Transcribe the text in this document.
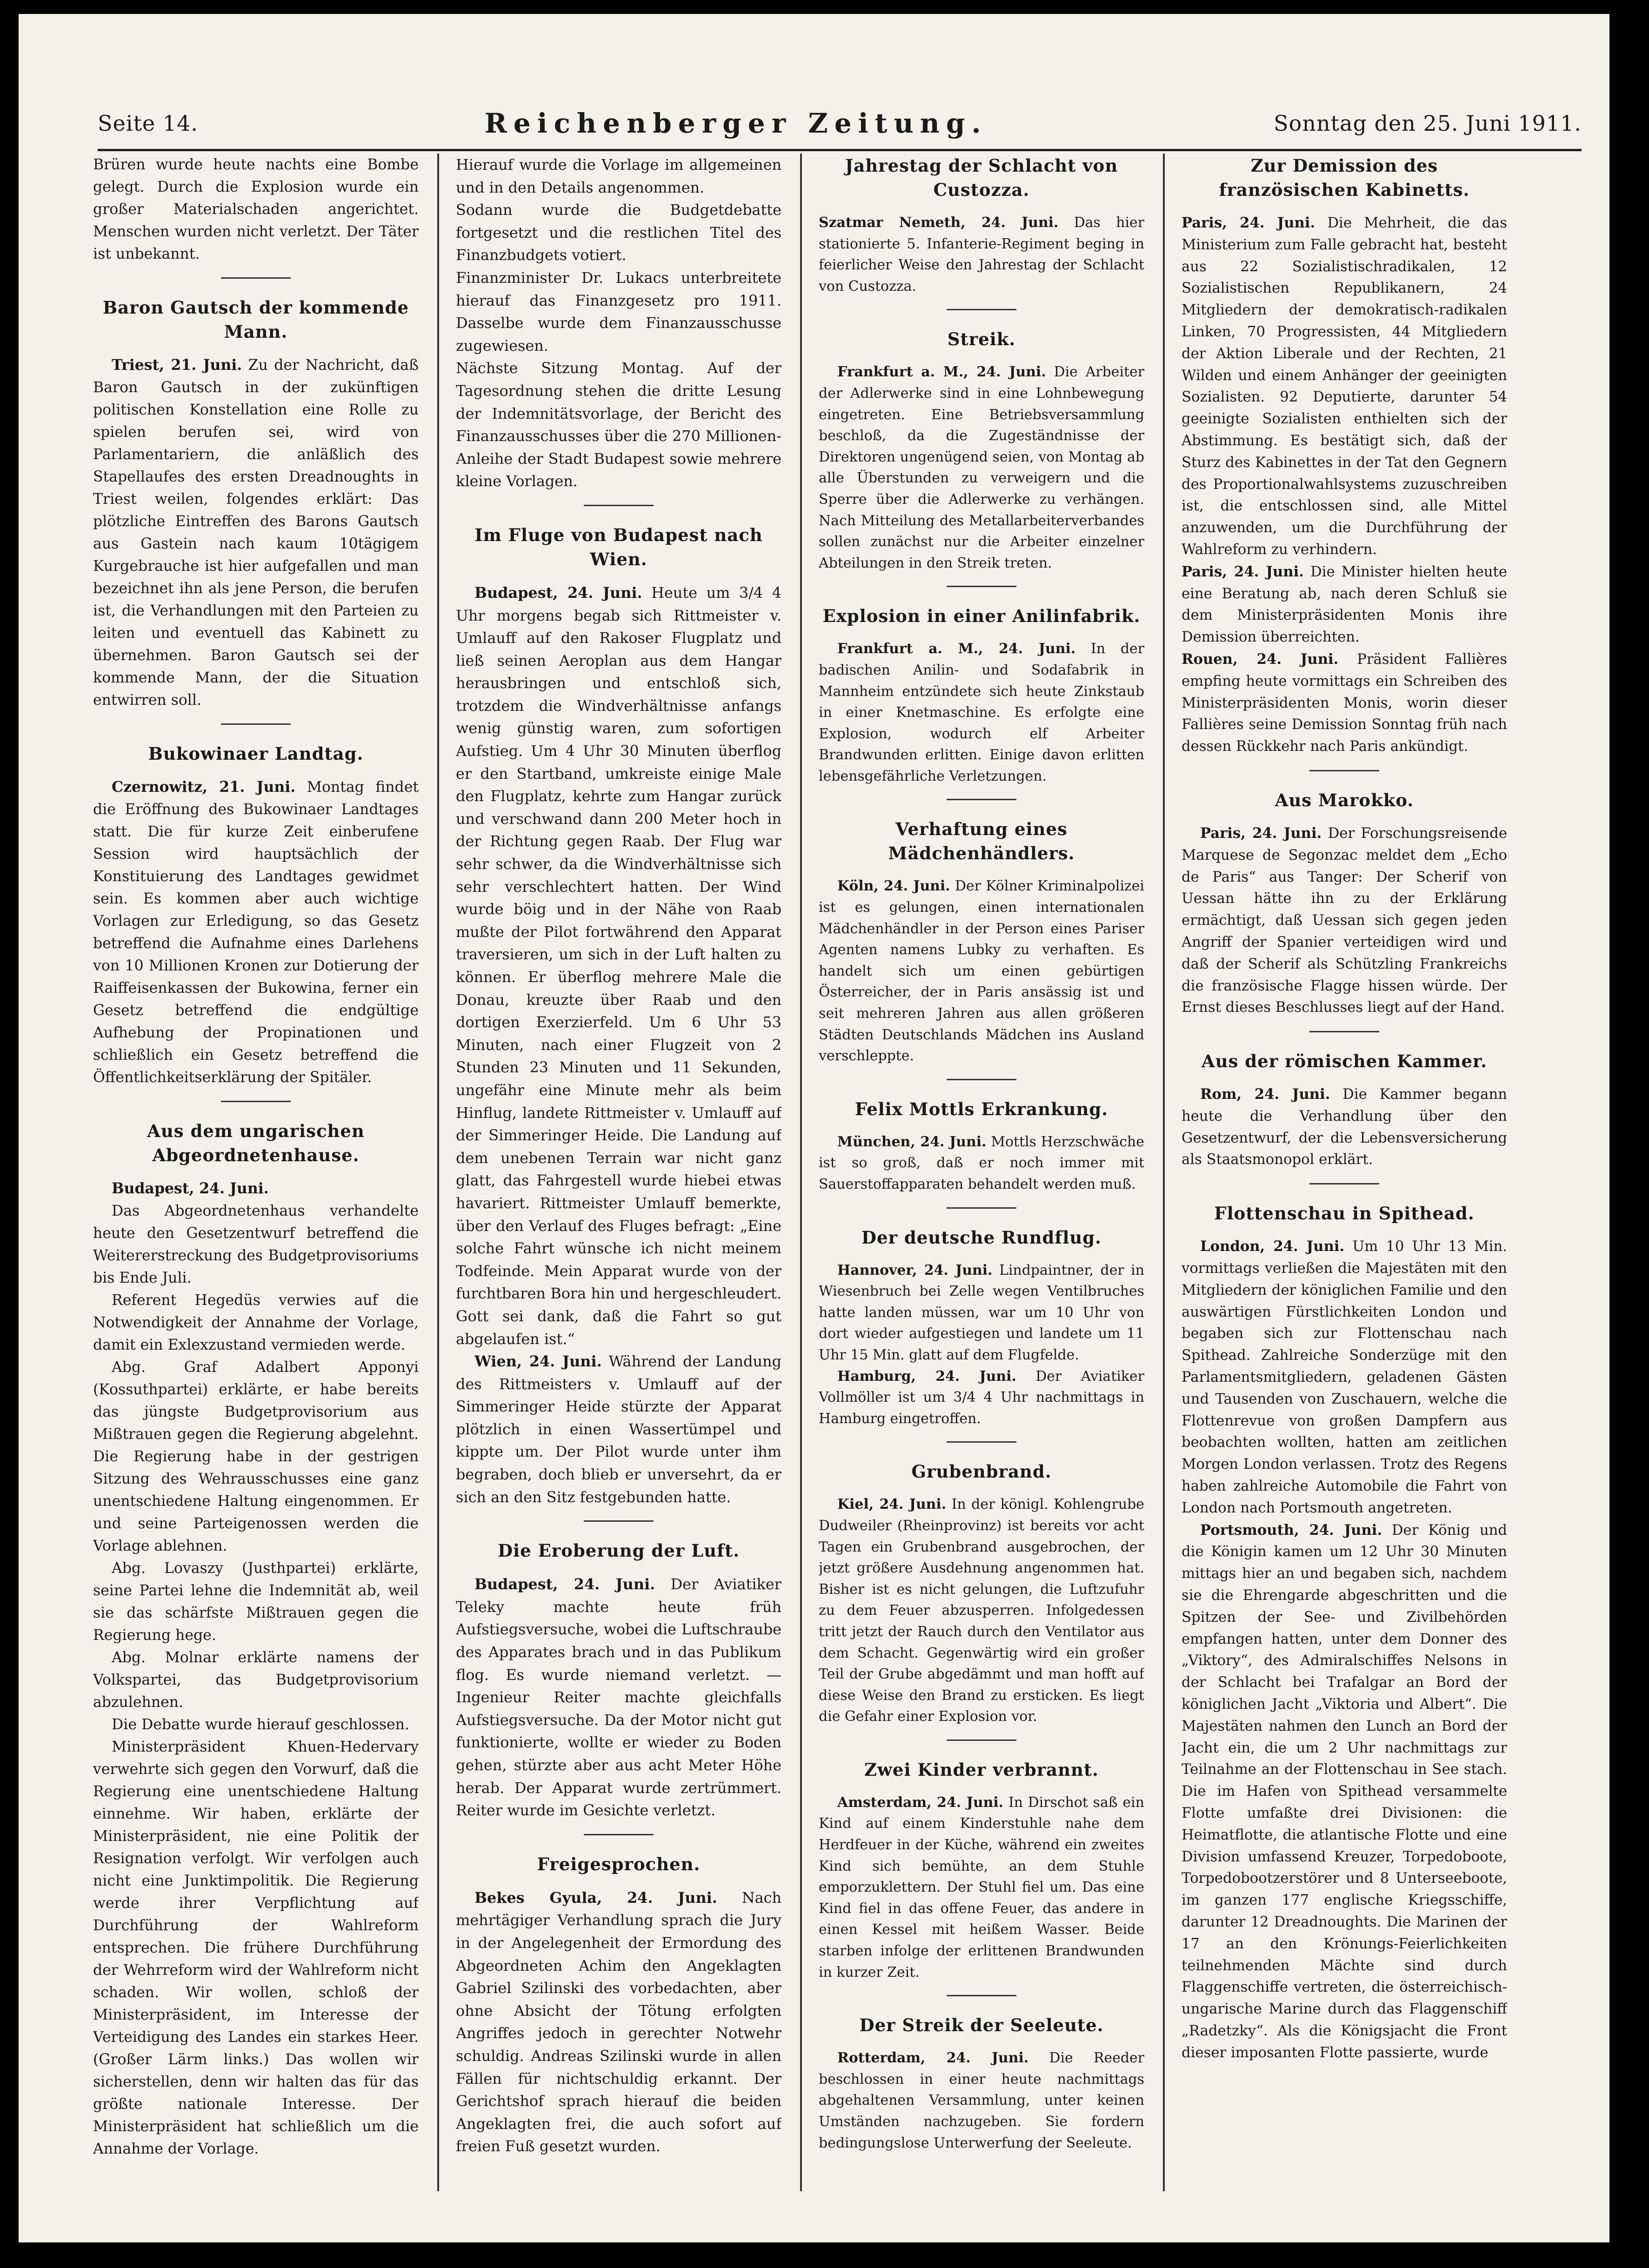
Seite 14.	Reichenberger Zeitung.	Sonntag den 25. Juni 1911.

Brüren wurde heute nachts eine Bombe gelegt. Durch die Explosion wurde ein großer Materialschaden angerichtet. Menschen wurden nicht verletzt. Der Täter ist unbekannt.

Baron Gautsch der kommende Mann.

Triest, 21. Juni. Zu der Nachricht, daß Baron Gautsch in der zukünftigen politischen Konstellation eine Rolle zu spielen berufen sei, wird von Parlamentariern, die anläßlich des Stapellaufes des ersten Dreadnoughts in Triest weilen, folgendes erklärt: Das plötzliche Eintreffen des Barons Gautsch aus Gastein nach kaum 10tägigem Kurgebrauche ist hier aufgefallen und man bezeichnet ihn als jene Person, die berufen ist, die Verhandlungen mit den Parteien zu leiten und eventuell das Kabinett zu übernehmen. Baron Gautsch sei der kommende Mann, der die Situation entwirren soll.

Bukowinaer Landtag.

Czernowitz, 21. Juni. Montag findet die Eröffnung des Bukowinaer Landtages statt. Die für kurze Zeit einberufene Session wird hauptsächlich der Konstituierung des Landtages gewidmet sein. Es kommen aber auch wichtige Vorlagen zur Erledigung, so das Gesetz betreffend die Aufnahme eines Darlehens von 10 Millionen Kronen zur Dotierung der Raiffeisenkassen der Bukowina, ferner ein Gesetz betreffend die endgültige Aufhebung der Propinationen und schließlich ein Gesetz betreffend die Öffentlichkeitserklärung der Spitäler.

Aus dem ungarischen Abgeordnetenhause.

Budapest, 24. Juni.

Das Abgeordnetenhaus verhandelte heute den Gesetzentwurf betreffend die Weitererstreckung des Budgetprovisoriums bis Ende Juli.

Referent Hegedüs verwies auf die Notwendigkeit der Annahme der Vorlage, damit ein Exlexzustand vermieden werde.

Abg. Graf Adalbert Apponyi (Kossuthpartei) erklärte, er habe bereits das jüngste Budgetprovisorium aus Mißtrauen gegen die Regierung abgelehnt. Die Regierung habe in der gestrigen Sitzung des Wehrausschusses eine ganz unentschiedene Haltung eingenommen. Er und seine Parteigenossen werden die Vorlage ablehnen.

Abg. Lovaszy (Justhpartei) erklärte, seine Partei lehne die Indemnität ab, weil sie das schärfste Mißtrauen gegen die Regierung hege.

Abg. Molnar erklärte namens der Volkspartei, das Budgetprovisorium abzulehnen.

Die Debatte wurde hierauf geschlossen.

Ministerpräsident Khuen-Hedervary verwehrte sich gegen den Vorwurf, daß die Regierung eine unentschiedene Haltung einnehme. Wir haben, erklärte der Ministerpräsident, nie eine Politik der Resignation verfolgt. Wir verfolgen auch nicht eine Junktimpolitik. Die Regierung werde ihrer Verpflichtung auf Durchführung der Wahlreform entsprechen. Die frühere Durchführung der Wehrreform wird der Wahlreform nicht schaden. Wir wollen, schloß der Ministerpräsident, im Interesse der Verteidigung des Landes ein starkes Heer. (Großer Lärm links.) Das wollen wir sicherstellen, denn wir halten das für das größte nationale Interesse. Der Ministerpräsident hat schließlich um die Annahme der Vorlage.

Hierauf wurde die Vorlage im allgemeinen und in den Details angenommen.

Sodann wurde die Budgetdebatte fortgesetzt und die restlichen Titel des Finanzbudgets votiert.

Finanzminister Dr. Lukacs unterbreitete hierauf das Finanzgesetz pro 1911. Dasselbe wurde dem Finanzausschusse zugewiesen.

Nächste Sitzung Montag. Auf der Tagesordnung stehen die dritte Lesung der Indemnitätsvorlage, der Bericht des Finanzausschusses über die 270 Millionen-Anleihe der Stadt Budapest sowie mehrere kleine Vorlagen.

Im Fluge von Budapest nach Wien.

Budapest, 24. Juni. Heute um 3/4 4 Uhr morgens begab sich Rittmeister v. Umlauff auf den Rakoser Flugplatz und ließ seinen Aeroplan aus dem Hangar herausbringen und entschloß sich, trotzdem die Windverhältnisse anfangs wenig günstig waren, zum sofortigen Aufstieg. Um 4 Uhr 30 Minuten überflog er den Startband, umkreiste einige Male den Flugplatz, kehrte zum Hangar zurück und verschwand dann 200 Meter hoch in der Richtung gegen Raab. Der Flug war sehr schwer, da die Windverhältnisse sich sehr verschlechtert hatten. Der Wind wurde böig und in der Nähe von Raab mußte der Pilot fortwährend den Apparat traversieren, um sich in der Luft halten zu können. Er überflog mehrere Male die Donau, kreuzte über Raab und den dortigen Exerzierfeld. Um 6 Uhr 53 Minuten, nach einer Flugzeit von 2 Stunden 23 Minuten und 11 Sekunden, ungefähr eine Minute mehr als beim Hinflug, landete Rittmeister v. Umlauff auf der Simmeringer Heide. Die Landung auf dem unebenen Terrain war nicht ganz glatt, das Fahrgestell wurde hiebei etwas havariert. Rittmeister Umlauff bemerkte, über den Verlauf des Fluges befragt: „Eine solche Fahrt wünsche ich nicht meinem Todfeinde. Mein Apparat wurde von der furchtbaren Bora hin und hergeschleudert. Gott sei dank, daß die Fahrt so gut abgelaufen ist.“

Wien, 24. Juni. Während der Landung des Rittmeisters v. Umlauff auf der Simmeringer Heide stürzte der Apparat plötzlich in einen Wassertümpel und kippte um. Der Pilot wurde unter ihm begraben, doch blieb er unversehrt, da er sich an den Sitz festgebunden hatte.

Die Eroberung der Luft.

Budapest, 24. Juni. Der Aviatiker Teleky machte heute früh Aufstiegsversuche, wobei die Luftschraube des Apparates brach und in das Publikum flog. Es wurde niemand verletzt. — Ingenieur Reiter machte gleichfalls Aufstiegsversuche. Da der Motor nicht gut funktionierte, wollte er wieder zu Boden gehen, stürzte aber aus acht Meter Höhe herab. Der Apparat wurde zertrümmert. Reiter wurde im Gesichte verletzt.

Freigesprochen.

Bekes Gyula, 24. Juni. Nach mehrtägiger Verhandlung sprach die Jury in der Angelegenheit der Ermordung des Abgeordneten Achim den Angeklagten Gabriel Szilinski des vorbedachten, aber ohne Absicht der Tötung erfolgten Angriffes jedoch in gerechter Notwehr schuldig. Andreas Szilinski wurde in allen Fällen für nichtschuldig erkannt. Der Gerichtshof sprach hierauf die beiden Angeklagten frei, die auch sofort auf freien Fuß gesetzt wurden.

Jahrestag der Schlacht von Custozza.

Szatmar Nemeth, 24. Juni. Das hier stationierte 5. Infanterie-Regiment beging in feierlicher Weise den Jahrestag der Schlacht von Custozza.

Streik.

Frankfurt a. M., 24. Juni. Die Arbeiter der Adlerwerke sind in eine Lohnbewegung eingetreten. Eine Betriebsversammlung beschloß, da die Zugeständnisse der Direktoren ungenügend seien, von Montag ab alle Überstunden zu verweigern und die Sperre über die Adlerwerke zu verhängen. Nach Mitteilung des Metallarbeiterverbandes sollen zunächst nur die Arbeiter einzelner Abteilungen in den Streik treten.

Explosion in einer Anilinfabrik.

Frankfurt a. M., 24. Juni. In der badischen Anilin- und Sodafabrik in Mannheim entzündete sich heute Zinkstaub in einer Knetmaschine. Es erfolgte eine Explosion, wodurch elf Arbeiter Brandwunden erlitten. Einige davon erlitten lebensgefährliche Verletzungen.

Verhaftung eines Mädchenhändlers.

Köln, 24. Juni. Der Kölner Kriminalpolizei ist es gelungen, einen internationalen Mädchenhändler in der Person eines Pariser Agenten namens Lubky zu verhaften. Es handelt sich um einen gebürtigen Österreicher, der in Paris ansässig ist und seit mehreren Jahren aus allen größeren Städten Deutschlands Mädchen ins Ausland verschleppte.

Felix Mottls Erkrankung.

München, 24. Juni. Mottls Herzschwäche ist so groß, daß er noch immer mit Sauerstoffapparaten behandelt werden muß.

Der deutsche Rundflug.

Hannover, 24. Juni. Lindpaintner, der in Wiesenbruch bei Zelle wegen Ventilbruches hatte landen müssen, war um 10 Uhr von dort wieder aufgestiegen und landete um 11 Uhr 15 Min. glatt auf dem Flugfelde.

Hamburg, 24. Juni. Der Aviatiker Vollmöller ist um 3/4 4 Uhr nachmittags in Hamburg eingetroffen.

Grubenbrand.

Kiel, 24. Juni. In der königl. Kohlengrube Dudweiler (Rheinprovinz) ist bereits vor acht Tagen ein Grubenbrand ausgebrochen, der jetzt größere Ausdehnung angenommen hat. Bisher ist es nicht gelungen, die Luftzufuhr zu dem Feuer abzusperren. Infolgedessen tritt jetzt der Rauch durch den Ventilator aus dem Schacht. Gegenwärtig wird ein großer Teil der Grube abgedämmt und man hofft auf diese Weise den Brand zu ersticken. Es liegt die Gefahr einer Explosion vor.

Zwei Kinder verbrannt.

Amsterdam, 24. Juni. In Dirschot saß ein Kind auf einem Kinderstuhle nahe dem Herdfeuer in der Küche, während ein zweites Kind sich bemühte, an dem Stuhle emporzuklettern. Der Stuhl fiel um. Das eine Kind fiel in das offene Feuer, das andere in einen Kessel mit heißem Wasser. Beide starben infolge der erlittenen Brandwunden in kurzer Zeit.

Der Streik der Seeleute.

Rotterdam, 24. Juni. Die Reeder beschlossen in einer heute nachmittags abgehaltenen Versammlung, unter keinen Umständen nachzugeben. Sie fordern bedingungslose Unterwerfung der Seeleute.

Zur Demission des französischen Kabinetts.

Paris, 24. Juni. Die Mehrheit, die das Ministerium zum Falle gebracht hat, besteht aus 22 Sozialistischradikalen, 12 Sozialistischen Republikanern, 24 Mitgliedern der demokratisch-radikalen Linken, 70 Progressisten, 44 Mitgliedern der Aktion Liberale und der Rechten, 21 Wilden und einem Anhänger der geeinigten Sozialisten. 92 Deputierte, darunter 54 geeinigte Sozialisten enthielten sich der Abstimmung. Es bestätigt sich, daß der Sturz des Kabinettes in der Tat den Gegnern des Proportionalwahlsystems zuzuschreiben ist, die entschlossen sind, alle Mittel anzuwenden, um die Durchführung der Wahlreform zu verhindern.

Paris, 24. Juni. Die Minister hielten heute eine Beratung ab, nach deren Schluß sie dem Ministerpräsidenten Monis ihre Demission überreichten.

Rouen, 24. Juni. Präsident Fallières empfing heute vormittags ein Schreiben des Ministerpräsidenten Monis, worin dieser Fallières seine Demission Sonntag früh nach dessen Rückkehr nach Paris ankündigt.

Aus Marokko.

Paris, 24. Juni. Der Forschungsreisende Marquese de Segonzac meldet dem „Echo de Paris“ aus Tanger: Der Scherif von Uessan hätte ihn zu der Erklärung ermächtigt, daß Uessan sich gegen jeden Angriff der Spanier verteidigen wird und daß der Scherif als Schützling Frankreichs die französische Flagge hissen würde. Der Ernst dieses Beschlusses liegt auf der Hand.

Aus der römischen Kammer.

Rom, 24. Juni. Die Kammer begann heute die Verhandlung über den Gesetzentwurf, der die Lebensversicherung als Staatsmonopol erklärt.

Flottenschau in Spithead.

London, 24. Juni. Um 10 Uhr 13 Min. vormittags verließen die Majestäten mit den Mitgliedern der königlichen Familie und den auswärtigen Fürstlichkeiten London und begaben sich zur Flottenschau nach Spithead. Zahlreiche Sonderzüge mit den Parlamentsmitgliedern, geladenen Gästen und Tausenden von Zuschauern, welche die Flottenrevue von großen Dampfern aus beobachten wollten, hatten am zeitlichen Morgen London verlassen. Trotz des Regens haben zahlreiche Automobile die Fahrt von London nach Portsmouth angetreten.

Portsmouth, 24. Juni. Der König und die Königin kamen um 12 Uhr 30 Minuten mittags hier an und begaben sich, nachdem sie die Ehrengarde abgeschritten und die Spitzen der See- und Zivilbehörden empfangen hatten, unter dem Donner des „Viktory“, des Admiralschiffes Nelsons in der Schlacht bei Trafalgar an Bord der königlichen Jacht „Viktoria und Albert“. Die Majestäten nahmen den Lunch an Bord der Jacht ein, die um 2 Uhr nachmittags zur Teilnahme an der Flottenschau in See stach. Die im Hafen von Spithead versammelte Flotte umfaßte drei Divisionen: die Heimatflotte, die atlantische Flotte und eine Division umfassend Kreuzer, Torpedoboote, Torpedobootzerstörer und 8 Unterseeboote, im ganzen 177 englische Kriegsschiffe, darunter 12 Dreadnoughts. Die Marinen der 17 an den Krönungs-Feierlichkeiten teilnehmenden Mächte sind durch Flaggenschiffe vertreten, die österreichisch-ungarische Marine durch das Flaggenschiff „Radetzky“. Als die Königsjacht die Front dieser imposanten Flotte passierte, wurde
